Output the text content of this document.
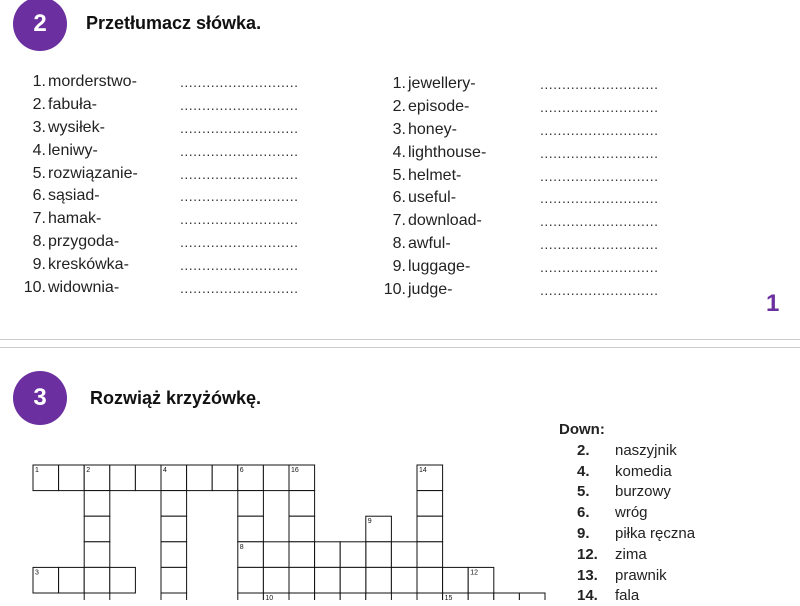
2	Przetłumacz słówka.
1. morderstwo-	...........................
2. fabuła-	...........................
3. wysiłek-	...........................
4. leniwy-	...........................
5. rozwiązanie-	...........................
6. sąsiad-	...........................
7. hamak-	...........................
8. przygoda-	...........................
9. kreskówka-	...........................
10. widownia-	...........................
1. jewellery-	...........................
2. episode-	...........................
3. honey-	...........................
4. lighthouse-	...........................
5. helmet-	...........................
6. useful-	...........................
7. download-	...........................
8. awful-	...........................
9. luggage-	...........................
10. judge-	...........................
1
3	Rozwiąż krzyżówkę.
1	2	4	6	16	14
9
8
3	12
10	15
Down:
2.	naszyjnik
4.	komedia
5.	burzowy
6.	wróg
9.	piłka ręczna
12.	zima
13.	prawnik
14.	fala
